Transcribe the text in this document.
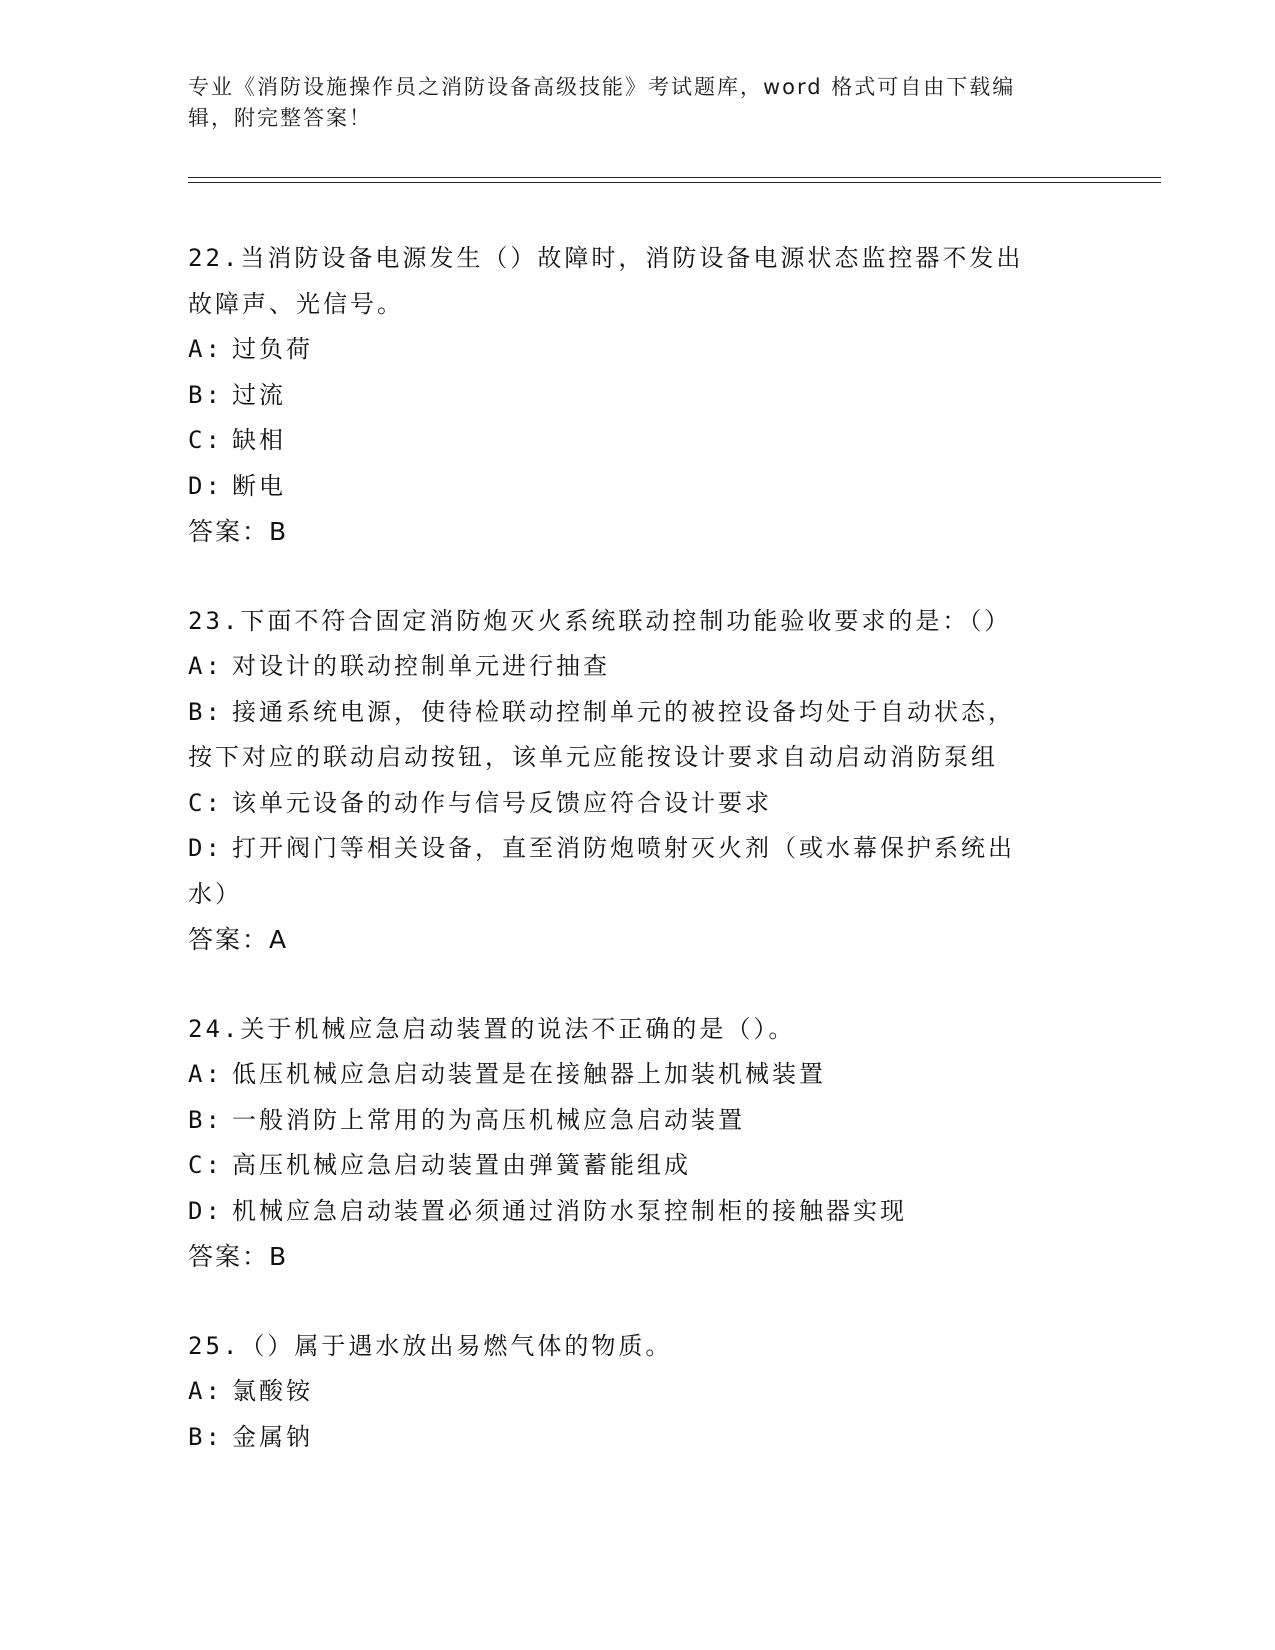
专业《消防设施操作员之消防设备高级技能》考试题库，word 格式可自由下载编
辑，附完整答案！

22.当消防设备电源发生（）故障时，消防设备电源状态监控器不发出

故障声、光信号。

A: 过负荷

B: 过流

C: 缺相

D: 断电

答案：B

23.下面不符合固定消防炮灭火系统联动控制功能验收要求的是：（）

A: 对设计的联动控制单元进行抽查

B: 接通系统电源，使待检联动控制单元的被控设备均处于自动状态，

按下对应的联动启动按钮，该单元应能按设计要求自动启动消防泵组

C: 该单元设备的动作与信号反馈应符合设计要求

D: 打开阀门等相关设备，直至消防炮喷射灭火剂（或水幕保护系统出

水）

答案：A

24.关于机械应急启动装置的说法不正确的是（）。

A: 低压机械应急启动装置是在接触器上加装机械装置

B: 一般消防上常用的为高压机械应急启动装置

C: 高压机械应急启动装置由弹簧蓄能组成

D: 机械应急启动装置必须通过消防水泵控制柜的接触器实现

答案：B

25.（）属于遇水放出易燃气体的物质。

A: 氯酸铵

B: 金属钠
